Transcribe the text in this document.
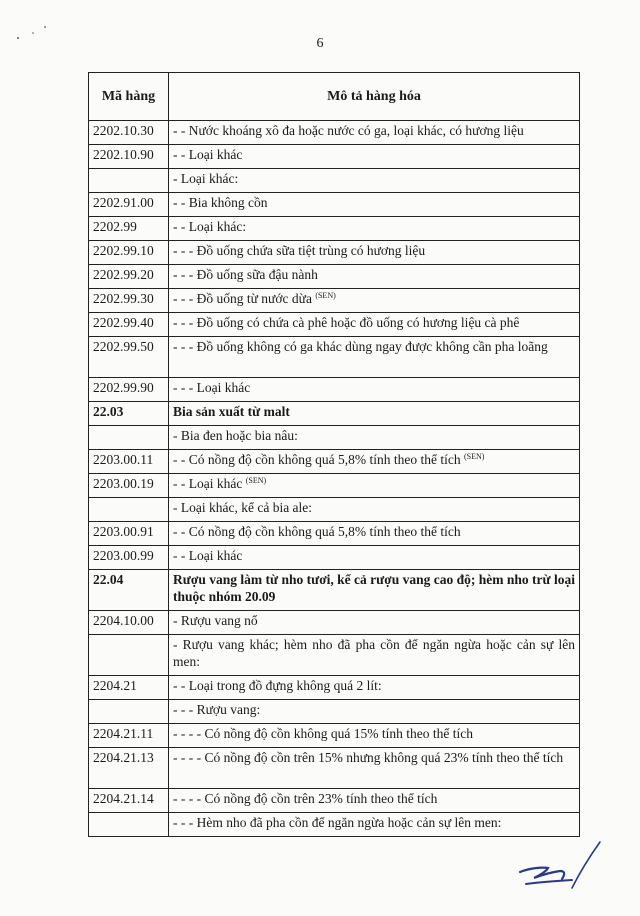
6
Mã hàng	Mô tả hàng hóa
2202.10.30	- - Nước khoáng xô đa hoặc nước có ga, loại khác, có hương liệu
2202.10.90	- - Loại khác
	- Loại khác:
2202.91.00	- - Bia không cồn
2202.99	- - Loại khác:
2202.99.10	- - - Đồ uống chứa sữa tiệt trùng có hương liệu
2202.99.20	- - - Đồ uống sữa đậu nành
2202.99.30	- - - Đồ uống từ nước dừa $^{(SEN)}$
2202.99.40	- - - Đồ uống có chứa cà phê hoặc đồ uống có hương liệu cà phê
2202.99.50	- - - Đồ uống không có ga khác dùng ngay được không cần pha loãng
2202.99.90	- - - Loại khác
22.03	Bia sản xuất từ malt
	- Bia đen hoặc bia nâu:
2203.00.11	- - Có nồng độ cồn không quá 5,8% tính theo thể tích $^{(SEN)}$
2203.00.19	- - Loại khác $^{(SEN)}$
	- Loại khác, kể cả bia ale:
2203.00.91	- - Có nồng độ cồn không quá 5,8% tính theo thể tích
2203.00.99	- - Loại khác
22.04	Rượu vang làm từ nho tươi, kể cả rượu vang cao độ; hèm nho trừ loại thuộc nhóm 20.09
2204.10.00	- Rượu vang nổ
	- Rượu vang khác; hèm nho đã pha cồn để ngăn ngừa hoặc cản sự lên men:
2204.21	- - Loại trong đồ đựng không quá 2 lít:
	- - - Rượu vang:
2204.21.11	- - - - Có nồng độ cồn không quá 15% tính theo thể tích
2204.21.13	- - - - Có nồng độ cồn trên 15% nhưng không quá 23% tính theo thể tích
2204.21.14	- - - - Có nồng độ cồn trên 23% tính theo thể tích
	- - - Hèm nho đã pha cồn để ngăn ngừa hoặc cản sự lên men:
